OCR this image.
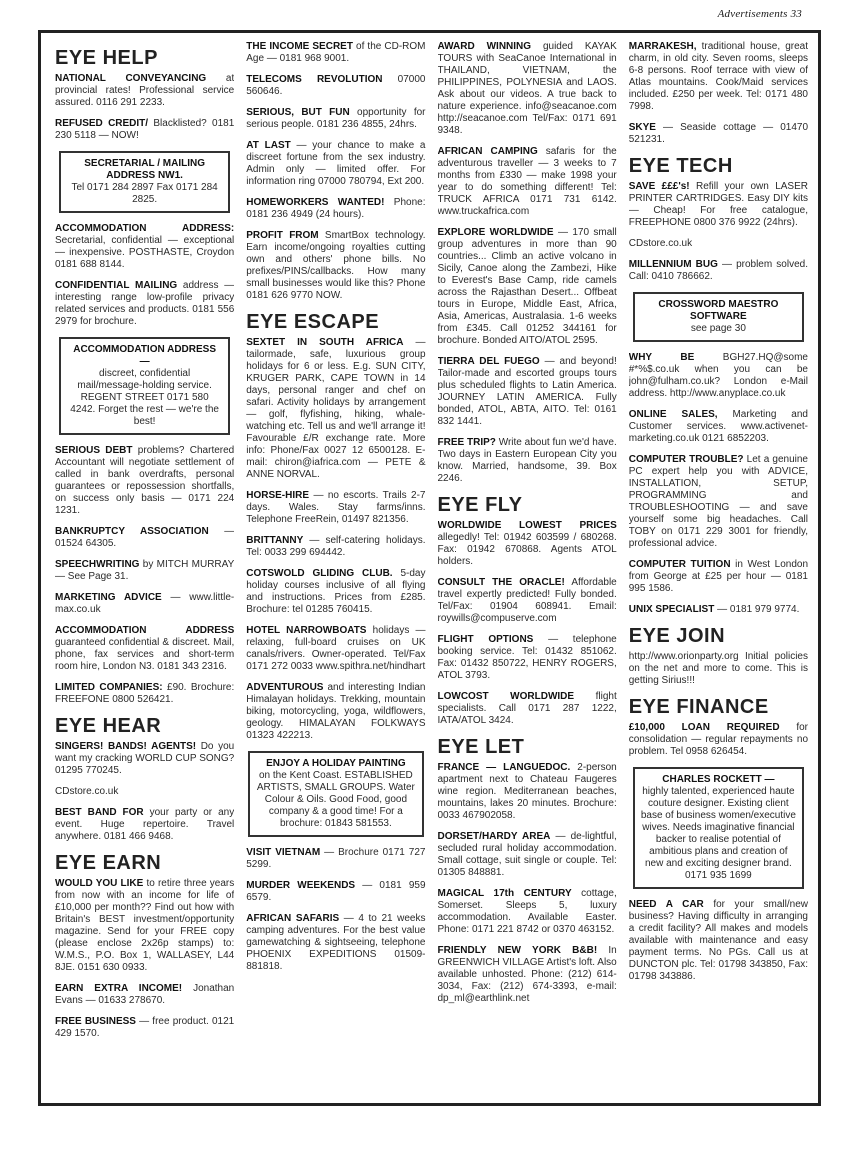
Advertisements 33
EYE HELP
NATIONAL CONVEYANCING at provincial rates! Professional service assured. 0116 291 2233.
REFUSED CREDIT/ Blacklisted? 0181 230 5118 — NOW!
SECRETARIAL / MAILING ADDRESS NW1.
Tel 0171 284 2897 Fax 0171 284 2825.
ACCOMMODATION ADDRESS: Secretarial, confidential — exceptional — inexpensive. POSTHASTE, Croydon 0181 688 8144.
CONFIDENTIAL MAILING address — interesting range low-profile privacy related services and products. 0181 556 2979 for brochure.
ACCOMMODATION ADDRESS —
discreet, confidential mail/message-holding service. REGENT STREET 0171 580 4242. Forget the rest — we're the best!
SERIOUS DEBT problems? Chartered Accountant will negotiate settlement of called in bank overdrafts, personal guarantees or repossession shortfalls, on success only basis — 0171 224 1231.
BANKRUPTCY ASSOCIATION — 01524 64305.
SPEECHWRITING by MITCH MURRAY — See Page 31.
MARKETING ADVICE — www.little-max.co.uk
ACCOMMODATION ADDRESS guaranteed confidential & discreet. Mail, phone, fax services and short-term room hire, London N3. 0181 343 2316.
LIMITED COMPANIES: £90. Brochure: FREEFONE 0800 526421.
EYE HEAR
SINGERS! BANDS! AGENTS! Do you want my cracking WORLD CUP SONG? 01295 770245.
CDstore.co.uk
BEST BAND FOR your party or any event. Huge repertoire. Travel anywhere. 0181 466 9468.
EYE EARN
WOULD YOU LIKE to retire three years from now with an income for life of £10,000 per month?? Find out how with Britain's BEST investment/opportunity magazine. Send for your FREE copy (please enclose 2x26p stamps) to: W.M.S., P.O. Box 1, WALLASEY, L44 8JE. 0151 630 0933.
EARN EXTRA INCOME! Jonathan Evans — 01633 278670.
FREE BUSINESS — free product. 0121 429 1570.
THE INCOME SECRET of the CD-ROM Age — 0181 968 9001.
TELECOMS REVOLUTION 07000 560646.
SERIOUS, BUT FUN opportunity for serious people. 0181 236 4855, 24hrs.
AT LAST — your chance to make a discreet fortune from the sex industry. Admin only — limited offer. For information ring 07000 780794, Ext 200.
HOMEWORKERS WANTED! Phone: 0181 236 4949 (24 hours).
PROFIT FROM SmartBox technology. Earn income/ongoing royalties cutting own and others' phone bills. No prefixes/PINS/callbacks. How many small businesses would like this? Phone 0181 626 9770 NOW.
EYE ESCAPE
SEXTET IN SOUTH AFRICA — tailormade, safe, luxurious group holidays for 6 or less. E.g. SUN CITY, KRUGER PARK, CAPE TOWN in 14 days, personal ranger and chef on safari. Activity holidays by arrangement — golf, flyfishing, hiking, whale-watching etc. Tell us and we'll arrange it! Favourable £/R exchange rate. More info: Phone/Fax 0027 12 6500128. E-mail: chiron@iafrica.com — PETE & ANNE NORVAL.
HORSE-HIRE — no escorts. Trails 2-7 days. Wales. Stay farms/inns. Telephone FreeRein, 01497 821356.
BRITTANNY — self-catering holidays. Tel: 0033 299 694442.
COTSWOLD GLIDING CLUB. 5-day holiday courses inclusive of all flying and instructions. Prices from £285. Brochure: tel 01285 760415.
HOTEL NARROWBOATS holidays — relaxing, full-board cruises on UK canals/rivers. Owner-operated. Tel/Fax 0171 272 0033 www.spithra.net/hindhart
ADVENTUROUS and interesting Indian Himalayan holidays. Trekking, mountain biking, motorcycling, yoga, wildflowers, geology. HIMALAYAN FOLKWAYS 01323 422213.
ENJOY A HOLIDAY PAINTING
on the Kent Coast. ESTABLISHED ARTISTS, SMALL GROUPS. Water Colour & Oils. Good Food, good company & a good time! For a brochure: 01843 581553.
VISIT VIETNAM — Brochure 0171 727 5299.
MURDER WEEKENDS — 0181 959 6579.
AFRICAN SAFARIS — 4 to 21 weeks camping adventures. For the best value gamewatching & sightseeing, telephone PHOENIX EXPEDITIONS 01509-881818.
AWARD WINNING guided KAYAK TOURS with SeaCanoe International in THAILAND, VIETNAM, the PHILIPPINES, POLYNESIA and LAOS. Ask about our videos. A true back to nature experience. info@seacanoe.com http://seacanoe.com Tel/Fax: 0171 691 9348.
AFRICAN CAMPING safaris for the adventurous traveller — 3 weeks to 7 months from £330 — make 1998 your year to do something different! Tel: TRUCK AFRICA 0171 731 6142. www.truckafrica.com
EXPLORE WORLDWIDE — 170 small group adventures in more than 90 countries... Climb an active volcano in Sicily, Canoe along the Zambezi, Hike to Everest's Base Camp, ride camels across the Rajasthan Desert... Offbeat tours in Europe, Middle East, Africa, Asia, Americas, Australasia. 1-6 weeks from £345. Call 01252 344161 for brochure. Bonded AITO/ATOL 2595.
TIERRA DEL FUEGO — and beyond! Tailor-made and escorted groups tours plus scheduled flights to Latin America. JOURNEY LATIN AMERICA. Fully bonded, ATOL, ABTA, AITO. Tel: 0161 832 1441.
FREE TRIP? Write about fun we'd have. Two days in Eastern European City you know. Married, handsome, 39. Box 2246.
EYE FLY
WORLDWIDE LOWEST PRICES allegedly! Tel: 01942 603599 / 680268. Fax: 01942 670868. Agents ATOL holders.
CONSULT THE ORACLE! Affordable travel expertly predicted! Fully bonded. Tel/Fax: 01904 608941. Email: roywills@compuserve.com
FLIGHT OPTIONS — telephone booking service. Tel: 01432 851062. Fax: 01432 850722, HENRY ROGERS, ATOL 3793.
LOWCOST WORLDWIDE flight specialists. Call 0171 287 1222, IATA/ATOL 3424.
EYE LET
FRANCE — LANGUEDOC. 2-person apartment next to Chateau Faugeres wine region. Mediterranean beaches, mountains, lakes 20 minutes. Brochure: 0033 467902058.
DORSET/HARDY AREA — de-lightful, secluded rural holiday accommodation. Small cottage, suit single or couple. Tel: 01305 848881.
MAGICAL 17th CENTURY cottage, Somerset. Sleeps 5, luxury accommodation. Available Easter. Phone: 0171 221 8742 or 0370 463152.
FRIENDLY NEW YORK B&B! In GREENWICH VILLAGE Artist's loft. Also available unhosted. Phone: (212) 614-3034, Fax: (212) 674-3393, e-mail: dp_ml@earthlink.net
MARRAKESH, traditional house, great charm, in old city. Seven rooms, sleeps 6-8 persons. Roof terrace with view of Atlas mountains. Cook/Maid services included. £250 per week. Tel: 0171 480 7998.
SKYE — Seaside cottage — 01470 521231.
EYE TECH
SAVE £££'s! Refill your own LASER PRINTER CARTRIDGES. Easy DIY kits — Cheap! For free catalogue, FREEPHONE 0800 376 9922 (24hrs).
CDstore.co.uk
MILLENNIUM BUG — problem solved. Call: 0410 786662.
CROSSWORD MAESTRO SOFTWARE
see page 30
WHY BE BGH27.HQ@some #*%$.co.uk when you can be john@fulham.co.uk? London e-Mail address. http://www.anyplace.co.uk
ONLINE SALES, Marketing and Customer services. www.activenet-marketing.co.uk 0121 6852203.
COMPUTER TROUBLE? Let a genuine PC expert help you with ADVICE, INSTALLATION, SETUP, PROGRAMMING and TROUBLESHOOTING — and save yourself some big headaches. Call TOBY on 0171 229 3001 for friendly, professional advice.
COMPUTER TUITION in West London from George at £25 per hour — 0181 995 1586.
UNIX SPECIALIST — 0181 979 9774.
EYE JOIN
http://www.orionparty.org Initial policies on the net and more to come. This is getting Sirius!!!
EYE FINANCE
£10,000 LOAN REQUIRED for consolidation — regular repayments no problem. Tel 0958 626454.
CHARLES ROCKETT —
highly talented, experienced haute couture designer. Existing client base of business women/executive wives. Needs imaginative financial backer to realise potential of ambitious plans and creation of new and exciting designer brand. 0171 935 1699
NEED A CAR for your small/new business? Having difficulty in arranging a credit facility? All makes and models available with maintenance and easy payment terms. No PGs. Call us at DUNCTON plc. Tel: 01798 343850, Fax: 01798 343886.
